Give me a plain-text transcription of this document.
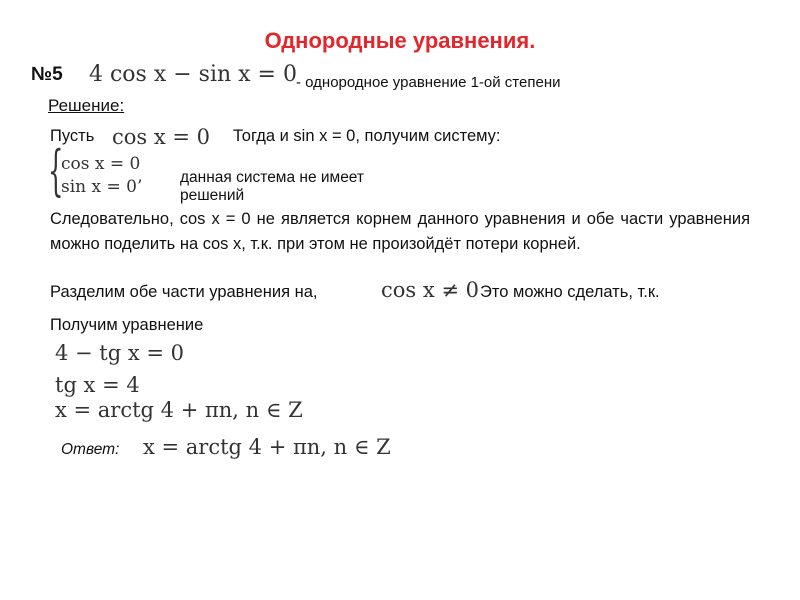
Однородные уравнения.
№5 4 cos x − sin x = 0 - однородное уравнение 1-ой степени
Решение:
Пусть cos x = 0 Тогда и sin x = 0, получим систему:
{
cos x = 0
sin x = 0’ данная система не имеет решений
Следовательно, cos x = 0 не является корнем данного уравнения и обе части уравнения можно поделить на cos x, т.к. при этом не произойдёт потери корней.
Разделим обе части уравнения на,	cos x ≠ 0 Это можно сделать, т.к.
Получим уравнение
4 − tg x = 0
tg x = 4
x = arctg 4 + πn, n ∈ Z
Ответ: x = arctg 4 + πn, n ∈ Z
